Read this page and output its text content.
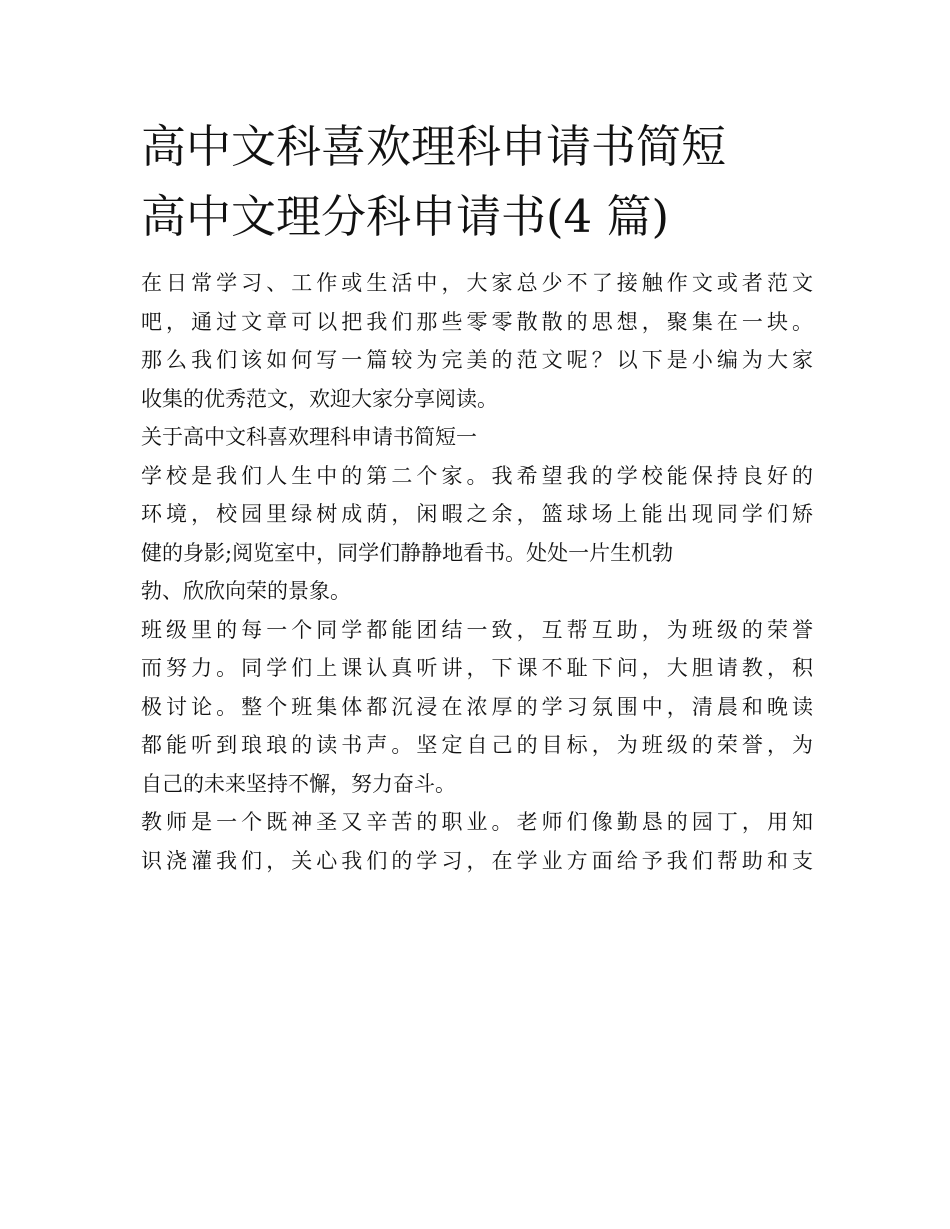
高中文科喜欢理科申请书简短
高中文理分科申请书(4 篇)

在日常学习、工作或生活中，大家总少不了接触作文或者范文
吧，通过文章可以把我们那些零零散散的思想，聚集在一块。
那么我们该如何写一篇较为完美的范文呢？以下是小编为大家
收集的优秀范文，欢迎大家分享阅读。

关于高中文科喜欢理科申请书简短一

学校是我们人生中的第二个家。我希望我的学校能保持良好的
环境，校园里绿树成荫，闲暇之余，篮球场上能出现同学们矫
健的身影;阅览室中，同学们静静地看书。处处一片生机勃
勃、欣欣向荣的景象。

班级里的每一个同学都能团结一致，互帮互助，为班级的荣誉
而努力。同学们上课认真听讲，下课不耻下问，大胆请教，积
极讨论。整个班集体都沉浸在浓厚的学习氛围中，清晨和晚读
都能听到琅琅的读书声。坚定自己的目标，为班级的荣誉，为
自己的未来坚持不懈，努力奋斗。

教师是一个既神圣又辛苦的职业。老师们像勤恳的园丁，用知
识浇灌我们，关心我们的学习，在学业方面给予我们帮助和支
